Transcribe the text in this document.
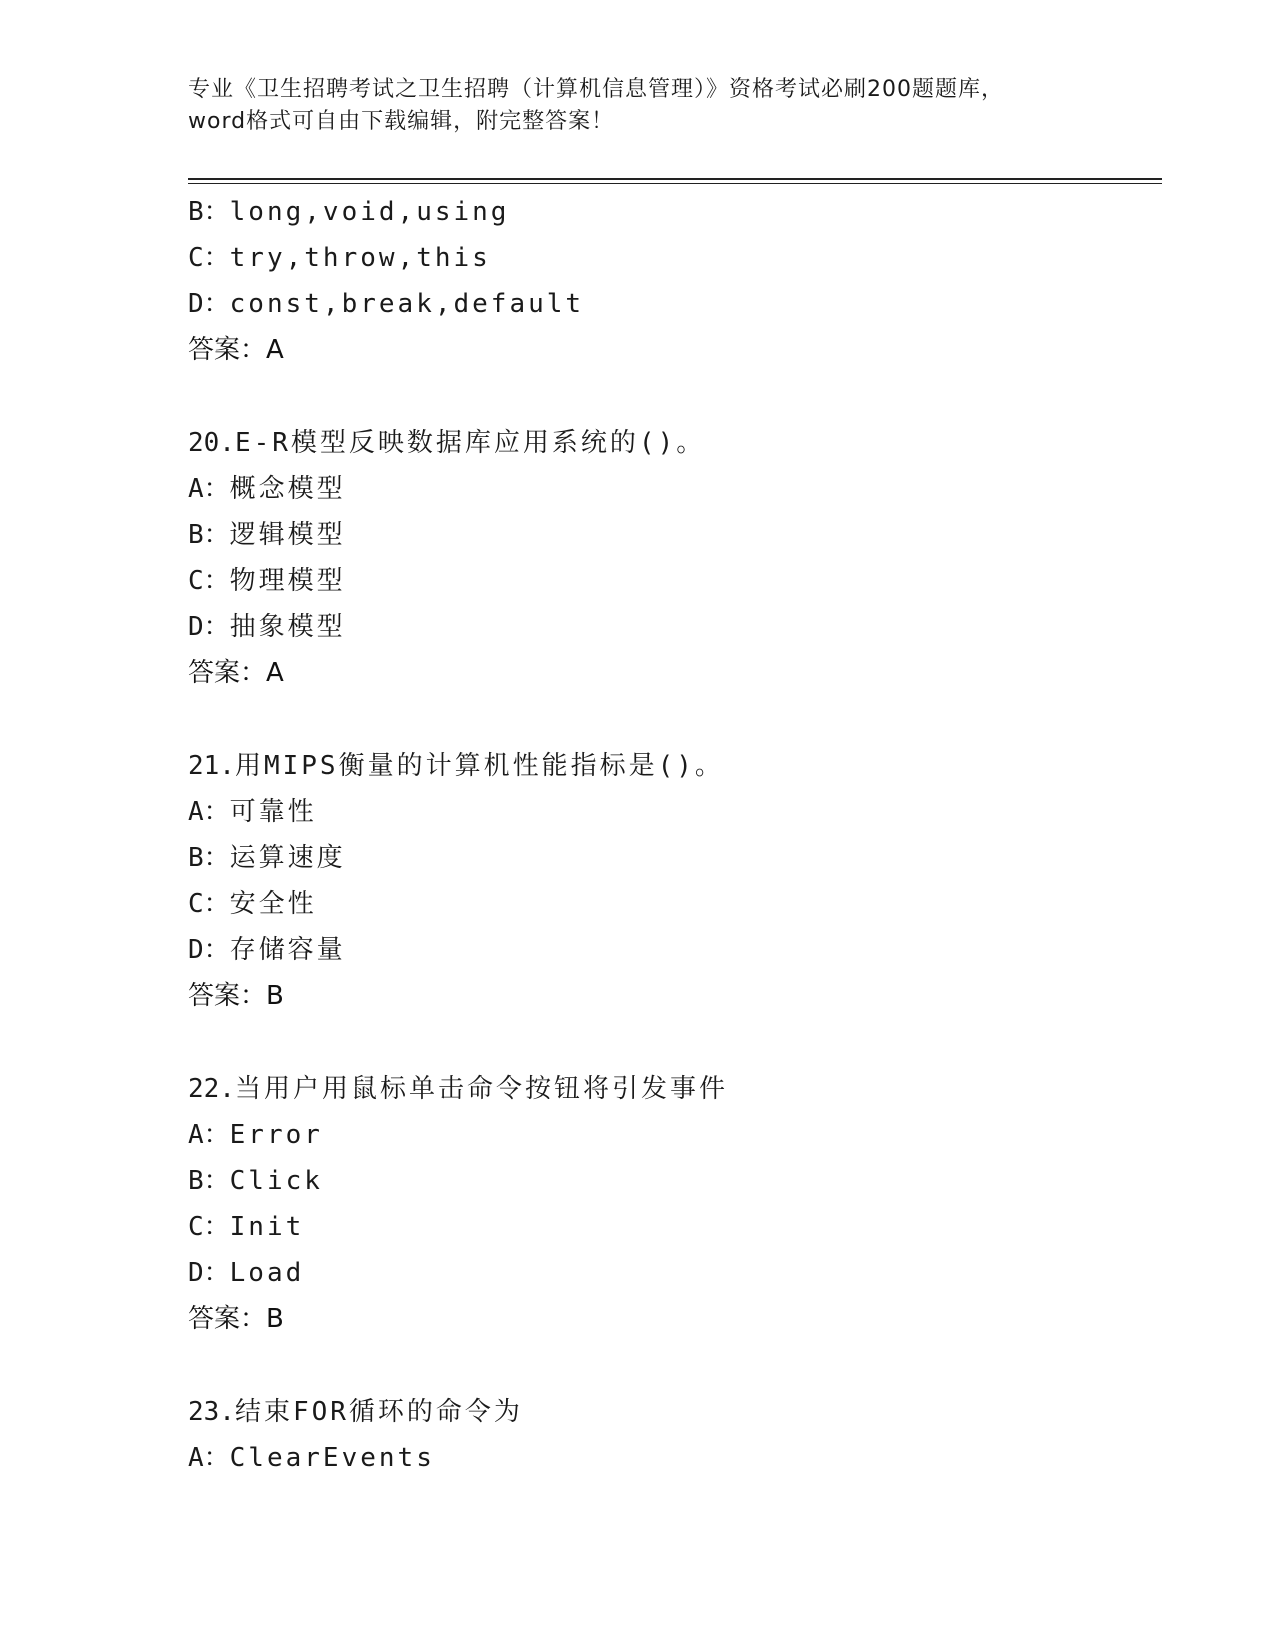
专业《卫生招聘考试之卫生招聘（计算机信息管理）》资格考试必刷200题题库，
word格式可自由下载编辑，附完整答案！
B：long,void,using
C：try,throw,this
D：const,break,default
答案：A
20.E-R模型反映数据库应用系统的()。
A：概念模型
B：逻辑模型
C：物理模型
D：抽象模型
答案：A
21.用MIPS衡量的计算机性能指标是()。
A：可靠性
B：运算速度
C：安全性
D：存储容量
答案：B
22.当用户用鼠标单击命令按钮将引发事件
A：Error
B：Click
C：Init
D：Load
答案：B
23.结束FOR循环的命令为
A：ClearEvents
